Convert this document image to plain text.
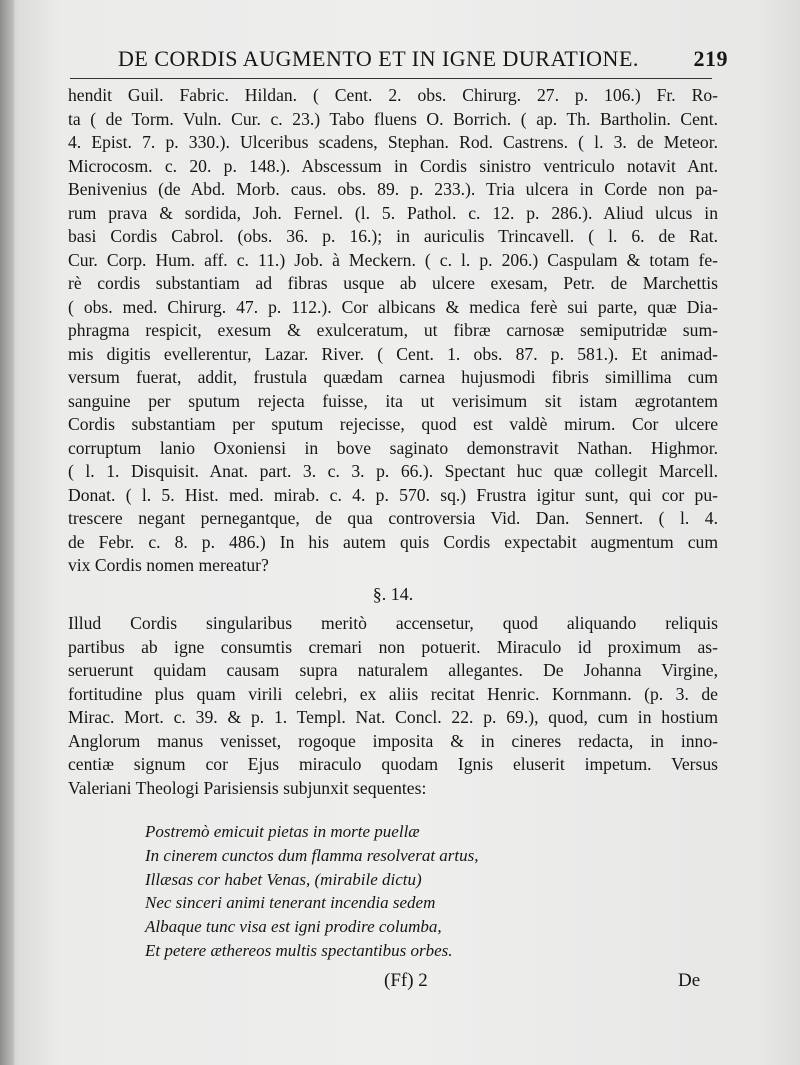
DE CORDIS AUGMENTO ET IN IGNE DURATIONE. 219
hendit Guil. Fabric. Hildan. ( Cent. 2. obs. Chirurg. 27. p. 106.) Fr. Ro-
ta ( de Torm. Vuln. Cur. c. 23.) Tabo fluens O. Borrich. ( ap. Th. Bartholin. Cent.
4. Epist. 7. p. 330.). Ulceribus scadens, Stephan. Rod. Castrens. ( l. 3. de Meteor.
Microcosm. c. 20. p. 148.). Abscessum in Cordis sinistro ventriculo notavit Ant.
Benivenius (de Abd. Morb. caus. obs. 89. p. 233.). Tria ulcera in Corde non pa-
rum prava & sordida, Joh. Fernel. (l. 5. Pathol. c. 12. p. 286.). Aliud ulcus in
basi Cordis Cabrol. (obs. 36. p. 16.); in auriculis Trincavell. ( l. 6. de Rat.
Cur. Corp. Hum. aff. c. 11.) Job. à Meckern. ( c. l. p. 206.) Caspulam & totam fe-
rè cordis substantiam ad fibras usque ab ulcere exesam, Petr. de Marchettis
( obs. med. Chirurg. 47. p. 112.). Cor albicans & medica ferè sui parte, quæ Dia-
phragma respicit, exesum & exulceratum, ut fibræ carnosæ semiputridæ sum-
mis digitis evellerentur, Lazar. River. ( Cent. 1. obs. 87. p. 581.). Et animad-
versum fuerat, addit, frustula quædam carnea hujusmodi fibris simillima cum
sanguine per sputum rejecta fuisse, ita ut verisimum sit istam ægrotantem
Cordis substantiam per sputum rejecisse, quod est valdè mirum. Cor ulcere
corruptum lanio Oxoniensi in bove saginato demonstravit Nathan. Highmor.
( l. 1. Disquisit. Anat. part. 3. c. 3. p. 66.). Spectant huc quæ collegit Marcell.
Donat. ( l. 5. Hist. med. mirab. c. 4. p. 570. sq.) Frustra igitur sunt, qui cor pu-
trescere negant pernegantque, de qua controversia Vid. Dan. Sennert. ( l. 4.
de Febr. c. 8. p. 486.) In his autem quis Cordis expectabit augmentum cum
vix Cordis nomen mereatur?
§. 14.
Illud Cordis singularibus meritò accensetur, quod aliquando reliquis
partibus ab igne consumtis cremari non potuerit. Miraculo id proximum as-
seruerunt quidam causam supra naturalem allegantes. De Johanna Virgine,
fortitudine plus quam virili celebri, ex aliis recitat Henric. Kornmann. (p. 3. de
Mirac. Mort. c. 39. & p. 1. Templ. Nat. Concl. 22. p. 69.), quod, cum in hostium
Anglorum manus venisset, rogoque imposita & in cineres redacta, in inno-
centiæ signum cor Ejus miraculo quodam Ignis eluserit impetum. Versus
Valeriani Theologi Parisiensis subjunxit sequentes:
Postremò emicuit pietas in morte puellæ
In cinerem cunctos dum flamma resolverat artus,
Illæsas cor habet Venas, (mirabile dictu)
Nec sinceri animi tenerant incendia sedem
Albaque tunc visa est igni prodire columba,
Et petere æthereos multis spectantibus orbes.
(Ff) 2	De
